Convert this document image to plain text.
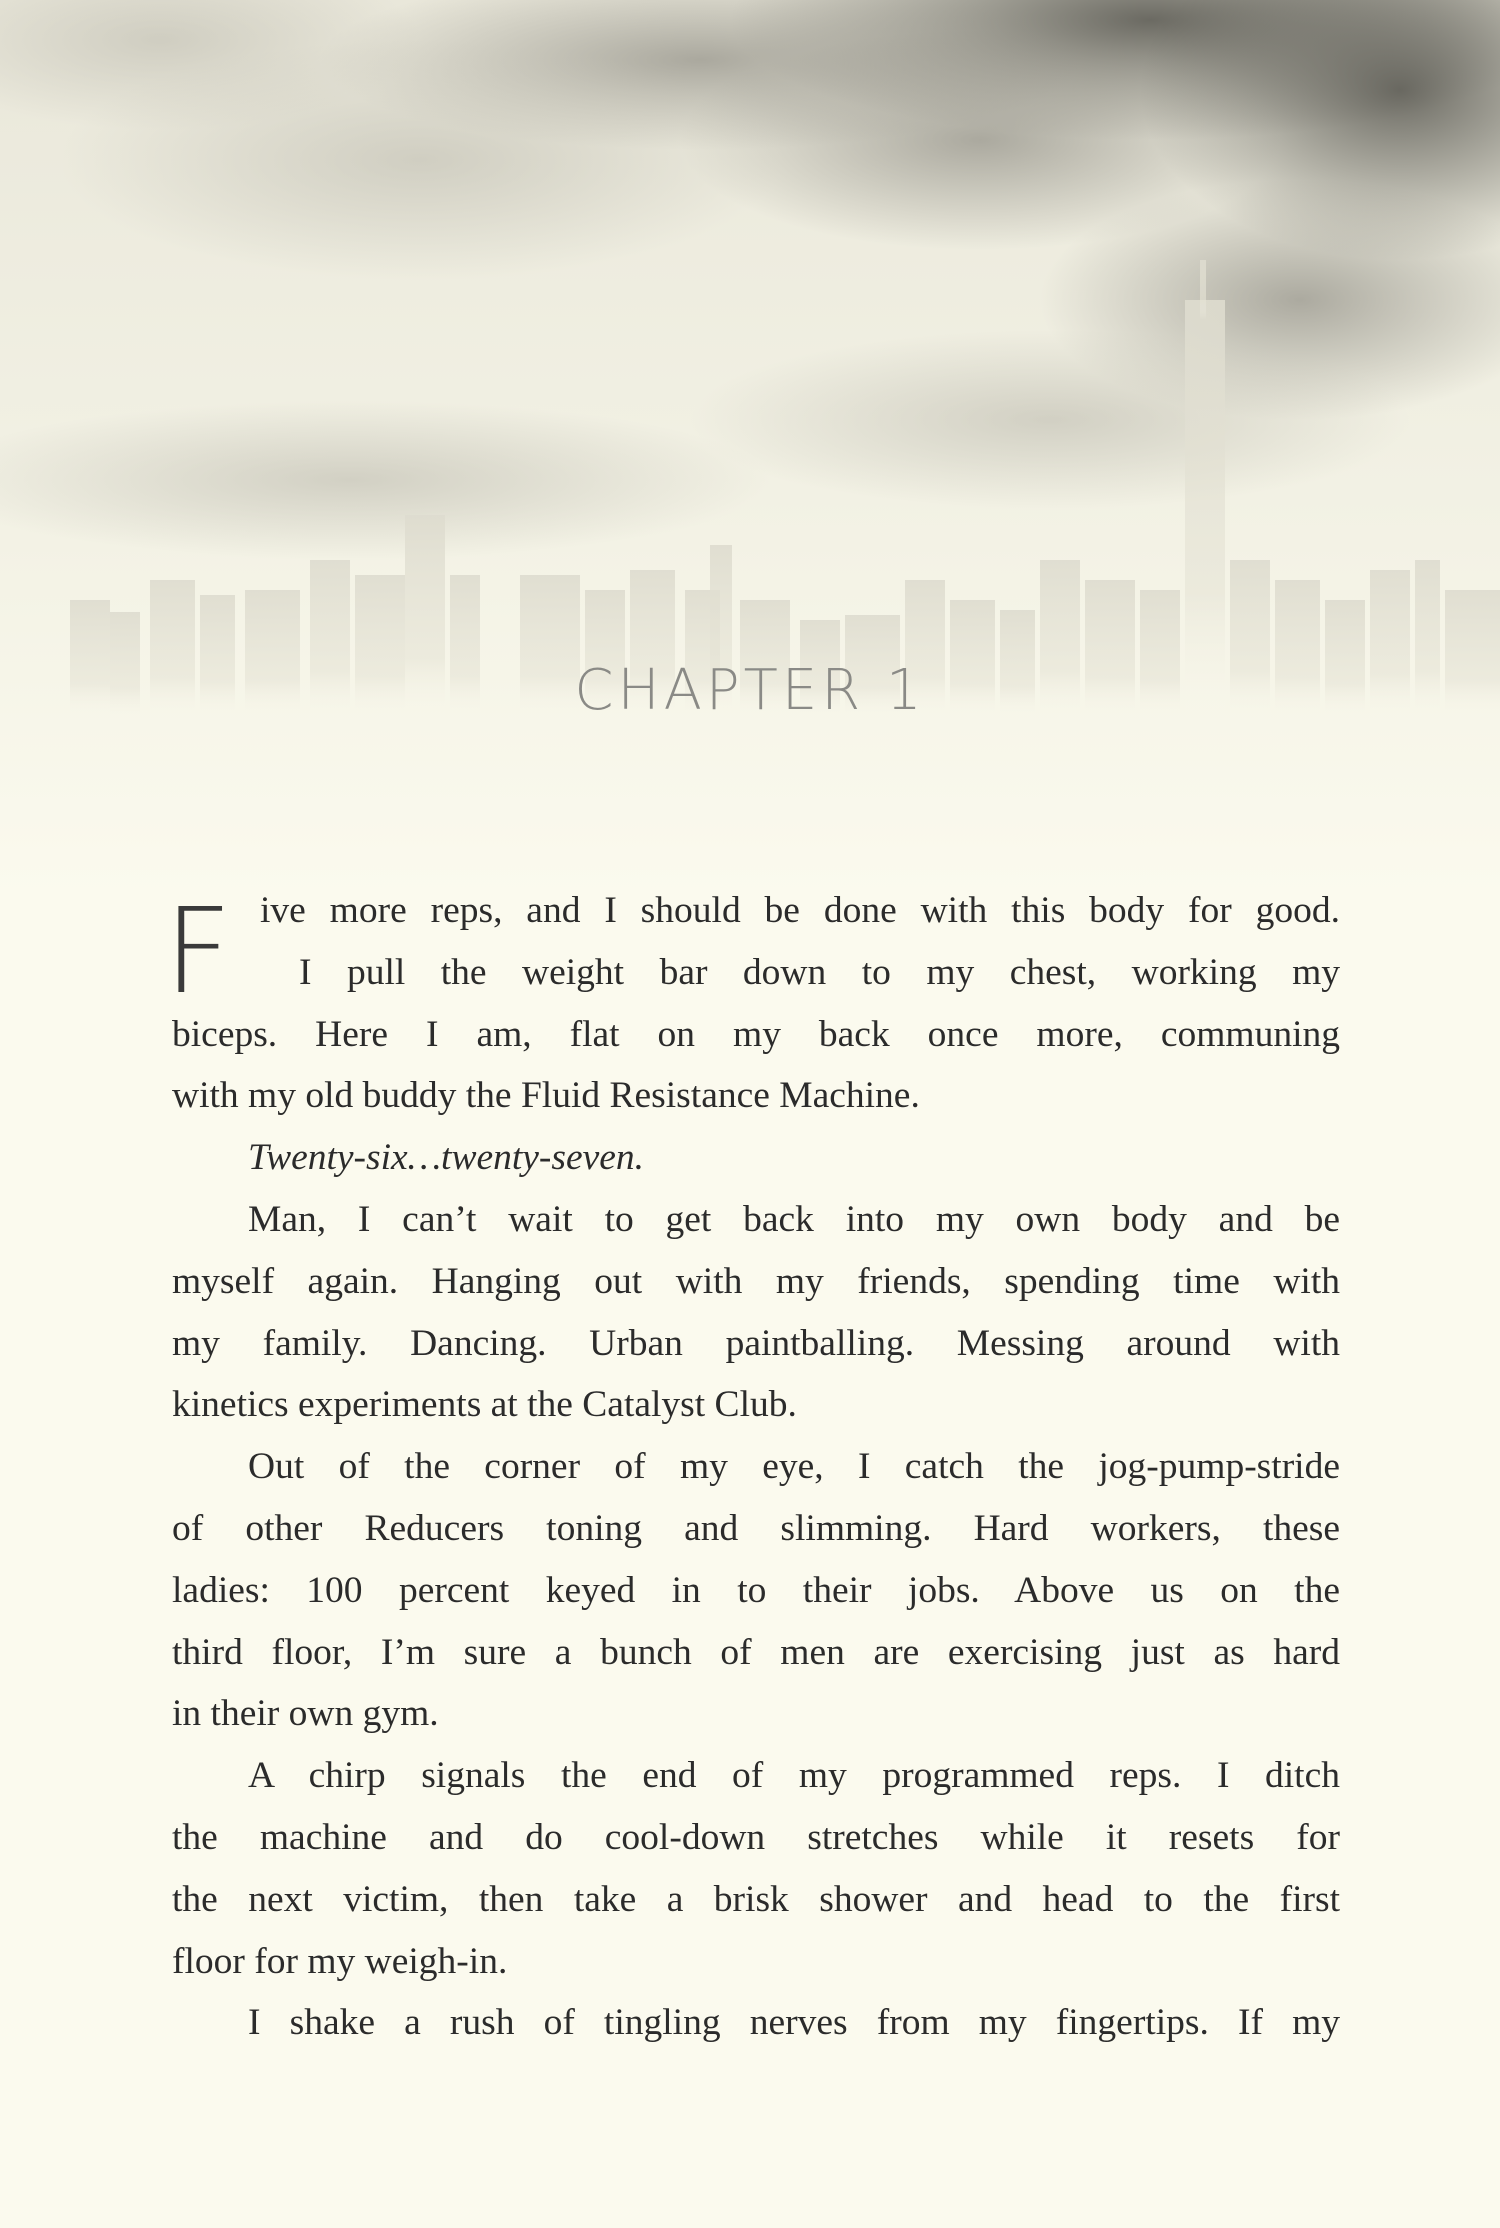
CHAPTER 1
F ive more reps, and I should be done with this body for good.
I pull the weight bar down to my chest, working my
biceps. Here I am, flat on my back once more, communing
with my old buddy the Fluid Resistance Machine.
Twenty-six…twenty-seven.
Man, I can’t wait to get back into my own body and be
myself again. Hanging out with my friends, spending time with
my family. Dancing. Urban paintballing. Messing around with
kinetics experiments at the Catalyst Club.
Out of the corner of my eye, I catch the jog-pump-stride
of other Reducers toning and slimming. Hard workers, these
ladies: 100 percent keyed in to their jobs. Above us on the
third floor, I’m sure a bunch of men are exercising just as hard
in their own gym.
A chirp signals the end of my programmed reps. I ditch
the machine and do cool-down stretches while it resets for
the next victim, then take a brisk shower and head to the first
floor for my weigh-in.
I shake a rush of tingling nerves from my fingertips. If my
